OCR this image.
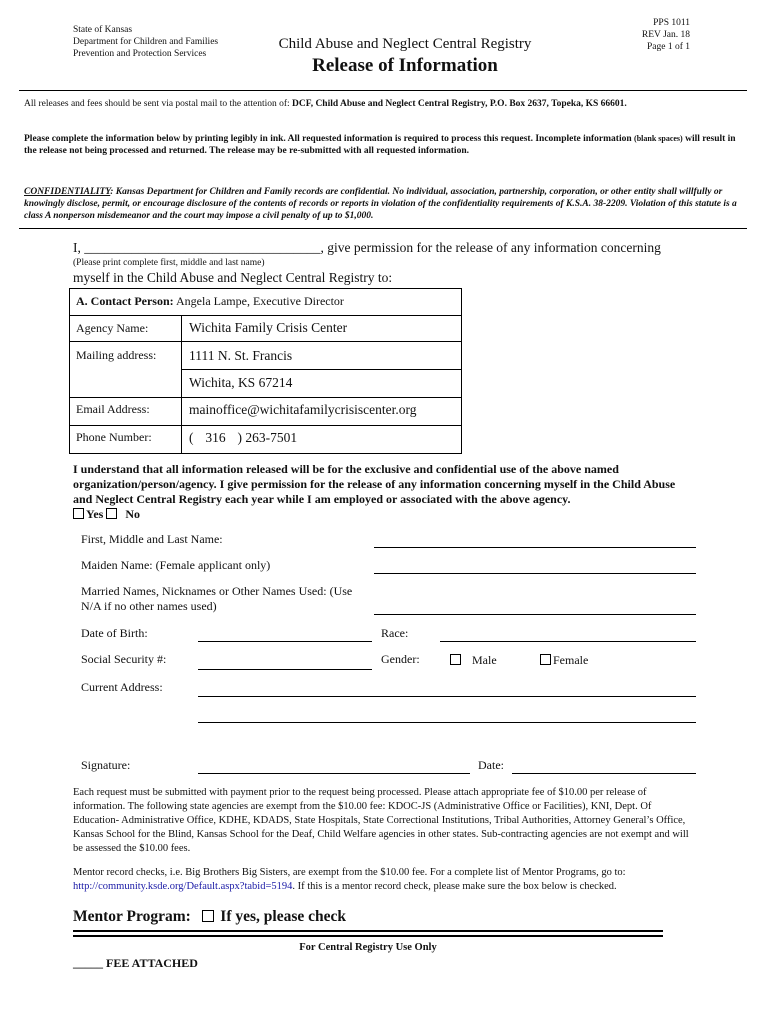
State of Kansas
Department for Children and Families
Prevention and Protection Services
Child Abuse and Neglect Central Registry
Release of Information
PPS 1011
REV Jan. 18
Page 1 of 1
All releases and fees should be sent via postal mail to the attention of: DCF, Child Abuse and Neglect Central Registry, P.O. Box 2637, Topeka, KS 66601.
Please complete the information below by printing legibly in ink. All requested information is required to process this request. Incomplete information (blank spaces) will result in the release not being processed and returned. The release may be re-submitted with all requested information.
CONFIDENTIALITY: Kansas Department for Children and Family records are confidential. No individual, association, partnership, corporation, or other entity shall willfully or knowingly disclose, permit, or encourage disclosure of the contents of records or reports in violation of the confidentiality requirements of K.S.A. 38-2209. Violation of this statute is a class A nonperson misdemeanor and the court may impose a civil penalty of up to $1,000.
I, ___________________________________, give permission for the release of any information concerning
(Please print complete first, middle and last name)
myself in the Child Abuse and Neglect Central Registry to:
A. Contact Person: Angela Lampe, Executive Director
Agency Name:	Wichita Family Crisis Center
Mailing address: 1111 N. St. Francis
Wichita, KS 67214
Email Address:	mainoffice@wichitafamilycrisiscenter.org
Phone Number:	( 316 ) 263-7501
I understand that all information released will be for the exclusive and confidential use of the above named organization/person/agency. I give permission for the release of any information concerning myself in the Child Abuse and Neglect Central Registry each year while I am employed or associated with the above agency.
Yes No
First, Middle and Last Name:
Maiden Name: (Female applicant only)
Married Names, Nicknames or Other Names Used: (Use N/A if no other names used)
Date of Birth:	Race:
Social Security #:	Gender:	Male	Female
Current Address:
Signature:	Date:
Each request must be submitted with payment prior to the request being processed. Please attach appropriate fee of $10.00 per release of information. The following state agencies are exempt from the $10.00 fee: KDOC-JS (Administrative Office or Facilities), KNI, Dept. Of Education- Administrative Office, KDHE, KDADS, State Hospitals, State Correctional Institutions, Tribal Authorities, Attorney General’s Office, Kansas School for the Blind, Kansas School for the Deaf, Child Welfare agencies in other states. Sub-contracting agencies are not exempt and will be assessed the $10.00 fees.
Mentor record checks, i.e. Big Brothers Big Sisters, are exempt from the $10.00 fee. For a complete list of Mentor Programs, go to: http://community.ksde.org/Default.aspx?tabid=5194. If this is a mentor record check, please make sure the box below is checked.
Mentor Program: If yes, please check
For Central Registry Use Only
_____ FEE ATTACHED
